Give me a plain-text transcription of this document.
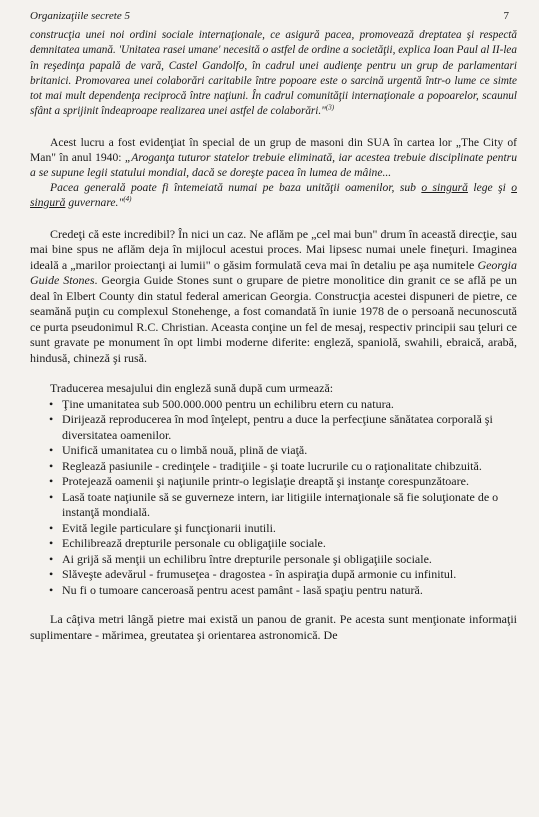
Organizaţiile secrete 5	7

construcţia unei noi ordini sociale internaţionale, ce asigură pacea, promovează dreptatea şi respectă demnitatea umană. 'Unitatea rasei umane' necesită o astfel de ordine a societăţii, explica Ioan Paul al II-lea în reşedinţa papală de vară, Castel Gandolfo, în cadrul unei audienţe pentru un grup de parlamentari britanici. Promovarea unei colaborări caritabile între popoare este o sarcină urgentă într-o lume ce simte tot mai mult dependenţa reciprocă între naţiuni. În cadrul comunităţii internaţionale a popoarelor, scaunul sfânt a sprijinit îndeaproape realizarea unei astfel de colaborări."$^{(3)}$

Acest lucru a fost evidenţiat în special de un grup de masoni din SUA în cartea lor „The City of Man" în anul 1940: „Aroganţa tuturor statelor trebuie eliminată, iar acestea trebuie disciplinate pentru a se supune legii statului mondial, dacă se doreşte pacea în lumea de mâine...

Pacea generală poate fi întemeiată numai pe baza unităţii oamenilor, sub o singură lege şi o singură guvernare."$^{(4)}$

Credeţi că este incredibil? În nici un caz. Ne aflăm pe „cel mai bun" drum în această direcţie, sau mai bine spus ne aflăm deja în mijlocul acestui proces. Mai lipsesc numai unele fineţuri. Imaginea ideală a „marilor proiectanţi ai lumii" o găsim formulată ceva mai în detaliu pe aşa numitele Georgia Guide Stones. Georgia Guide Stones sunt o grupare de pietre monolitice din granit ce se află pe un deal în Elbert County din statul federal american Georgia. Construcţia acestei dispuneri de pietre, ce seamănă puţin cu complexul Stonehenge, a fost comandată în iunie 1978 de o persoană necunoscută ce purta pseudonimul R.C. Christian. Aceasta conţine un fel de mesaj, respectiv principii sau ţeluri ce sunt gravate pe monument în opt limbi moderne diferite: engleză, spaniolă, swahili, ebraică, arabă, hindusă, chineză şi rusă.

Traducerea mesajului din engleză sună după cum urmează:

• Ţine umanitatea sub 500.000.000 pentru un echilibru etern cu natura.
• Dirijează reproducerea în mod înţelept, pentru a duce la perfecţiune sănătatea corporală şi diversitatea oamenilor.
• Unifică umanitatea cu o limbă nouă, plină de viaţă.
• Reglează pasiunile - credinţele - tradiţiile - şi toate lucrurile cu o raţionalitate chibzuită.
• Protejează oamenii şi naţiunile printr-o legislaţie dreaptă şi instanţe corespunzătoare.
• Lasă toate naţiunile să se guverneze intern, iar litigiile internaţionale să fie soluţionate de o instanţă mondială.
• Evită legile particulare şi funcţionarii inutili.
• Echilibrează drepturile personale cu obligaţiile sociale.
• Ai grijă să menţii un echilibru între drepturile personale şi obligaţiile sociale.
• Slăveşte adevărul - frumuseţea - dragostea - în aspiraţia după armonie cu infinitul.
• Nu fi o tumoare canceroasă pentru acest pamânt - lasă spaţiu pentru natură.

La câţiva metri lângă pietre mai există un panou de granit. Pe acesta sunt menţionate informaţii suplimentare - mărimea, greutatea şi orientarea astronomică. De
